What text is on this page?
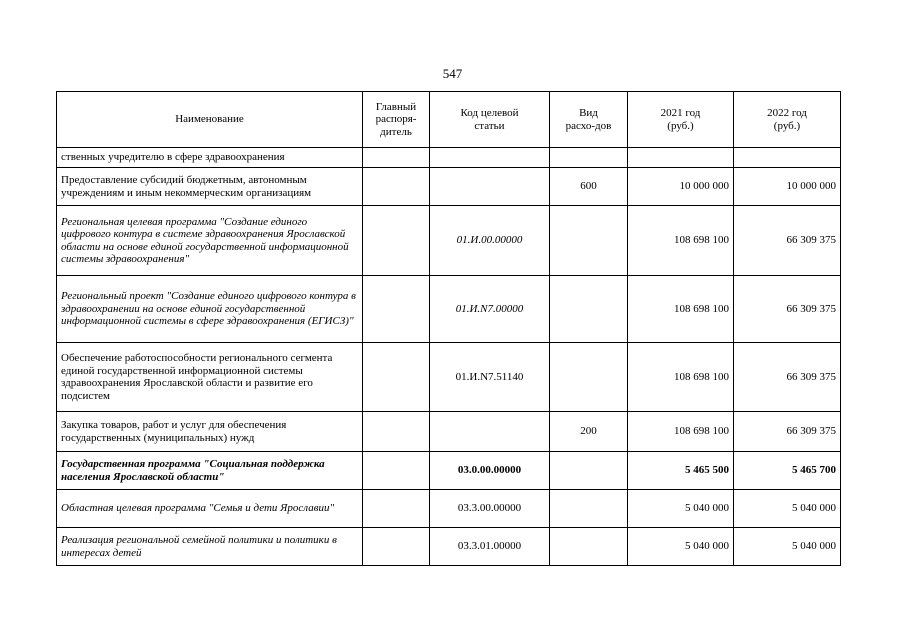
547
Наименование	Главный распоря-дитель	Код целевой статьи	Вид расхо-дов	2021 год (руб.)	2022 год (руб.)
ственных учредителю в сфере здравоохранения					
Предоставление субсидий бюджетным, автономным учреждениям и иным некоммерческим организациям			600	10 000 000	10 000 000
Региональная целевая программа "Создание единого цифрового контура в системе здравоохранения Ярославской области на основе единой государственной информационной системы здравоохранения"		01.И.00.00000		108 698 100	66 309 375
Региональный проект "Создание единого цифрового контура в здравоохранении на основе единой государственной информационной системы в сфере здравоохранения (ЕГИСЗ)"		01.И.N7.00000		108 698 100	66 309 375
Обеспечение работоспособности регионального сегмента единой государственной информационной системы здравоохранения Ярославской области и развитие его подсистем		01.И.N7.51140		108 698 100	66 309 375
Закупка товаров, работ и услуг для обеспечения государственных (муниципальных) нужд			200	108 698 100	66 309 375
Государственная программа "Социальная поддержка населения Ярославской области"		03.0.00.00000		5 465 500	5 465 700
Областная целевая программа "Семья и дети Ярославии"		03.3.00.00000		5 040 000	5 040 000
Реализация региональной семейной политики и политики в интересах детей		03.3.01.00000		5 040 000	5 040 000
